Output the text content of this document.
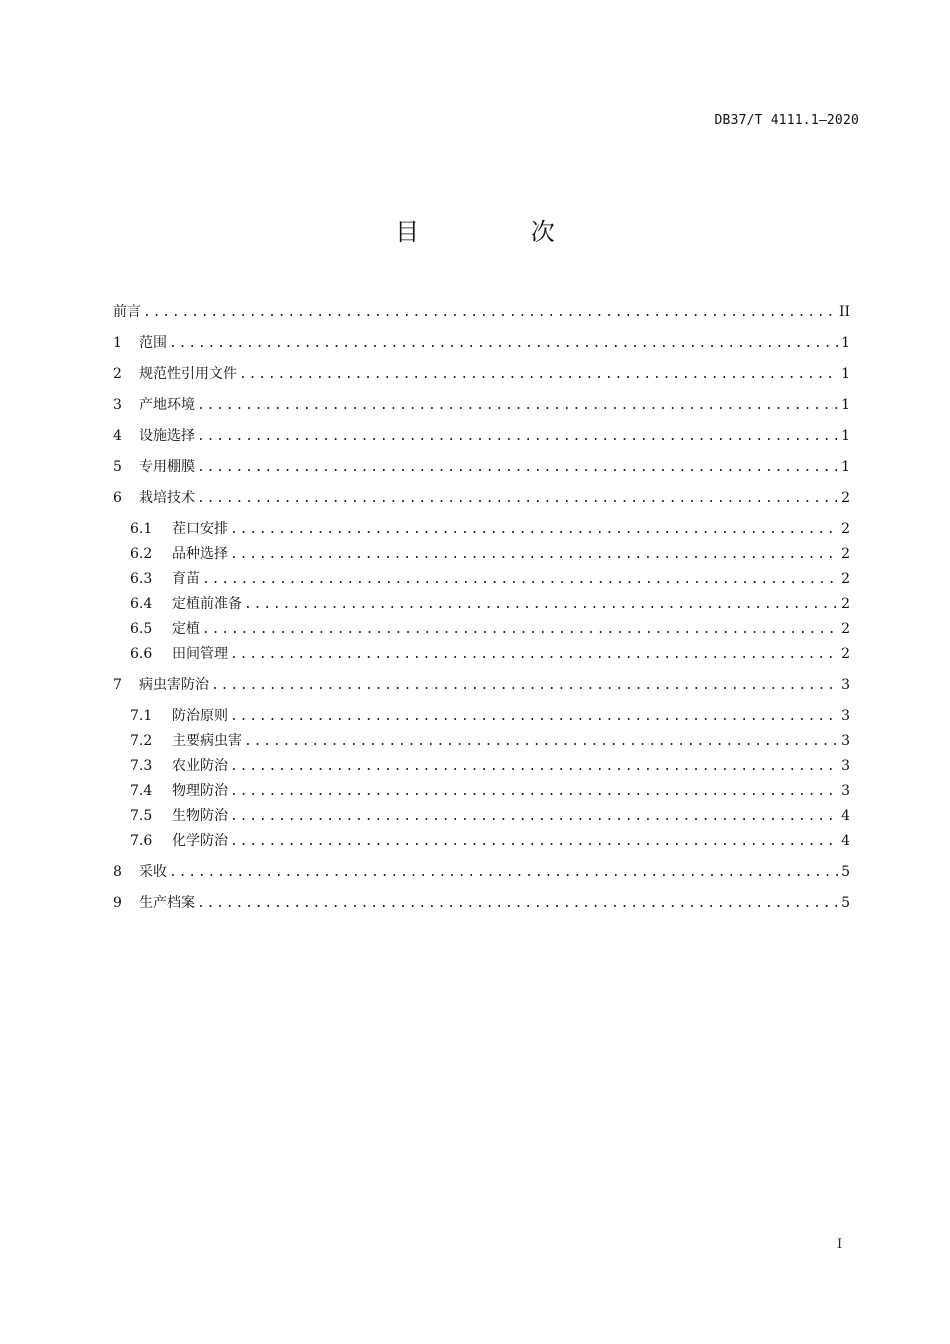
DB37/T 4111.1—2020
目 次
前言 .....	II
1	范围 .....	1
2	规范性引用文件 .....	1
3	产地环境 .....	1
4	设施选择 .....	1
5	专用棚膜 .....	1
6	栽培技术 .....	2
6.1	茬口安排 .....	2
6.2	品种选择 .....	2
6.3	育苗 .....	2
6.4	定植前准备 .....	2
6.5	定植 .....	2
6.6	田间管理 .....	2
7	病虫害防治 .....	3
7.1	防治原则 .....	3
7.2	主要病虫害 .....	3
7.3	农业防治 .....	3
7.4	物理防治 .....	3
7.5	生物防治 .....	4
7.6	化学防治 .....	4
8	采收 .....	5
9	生产档案 .....	5
I
